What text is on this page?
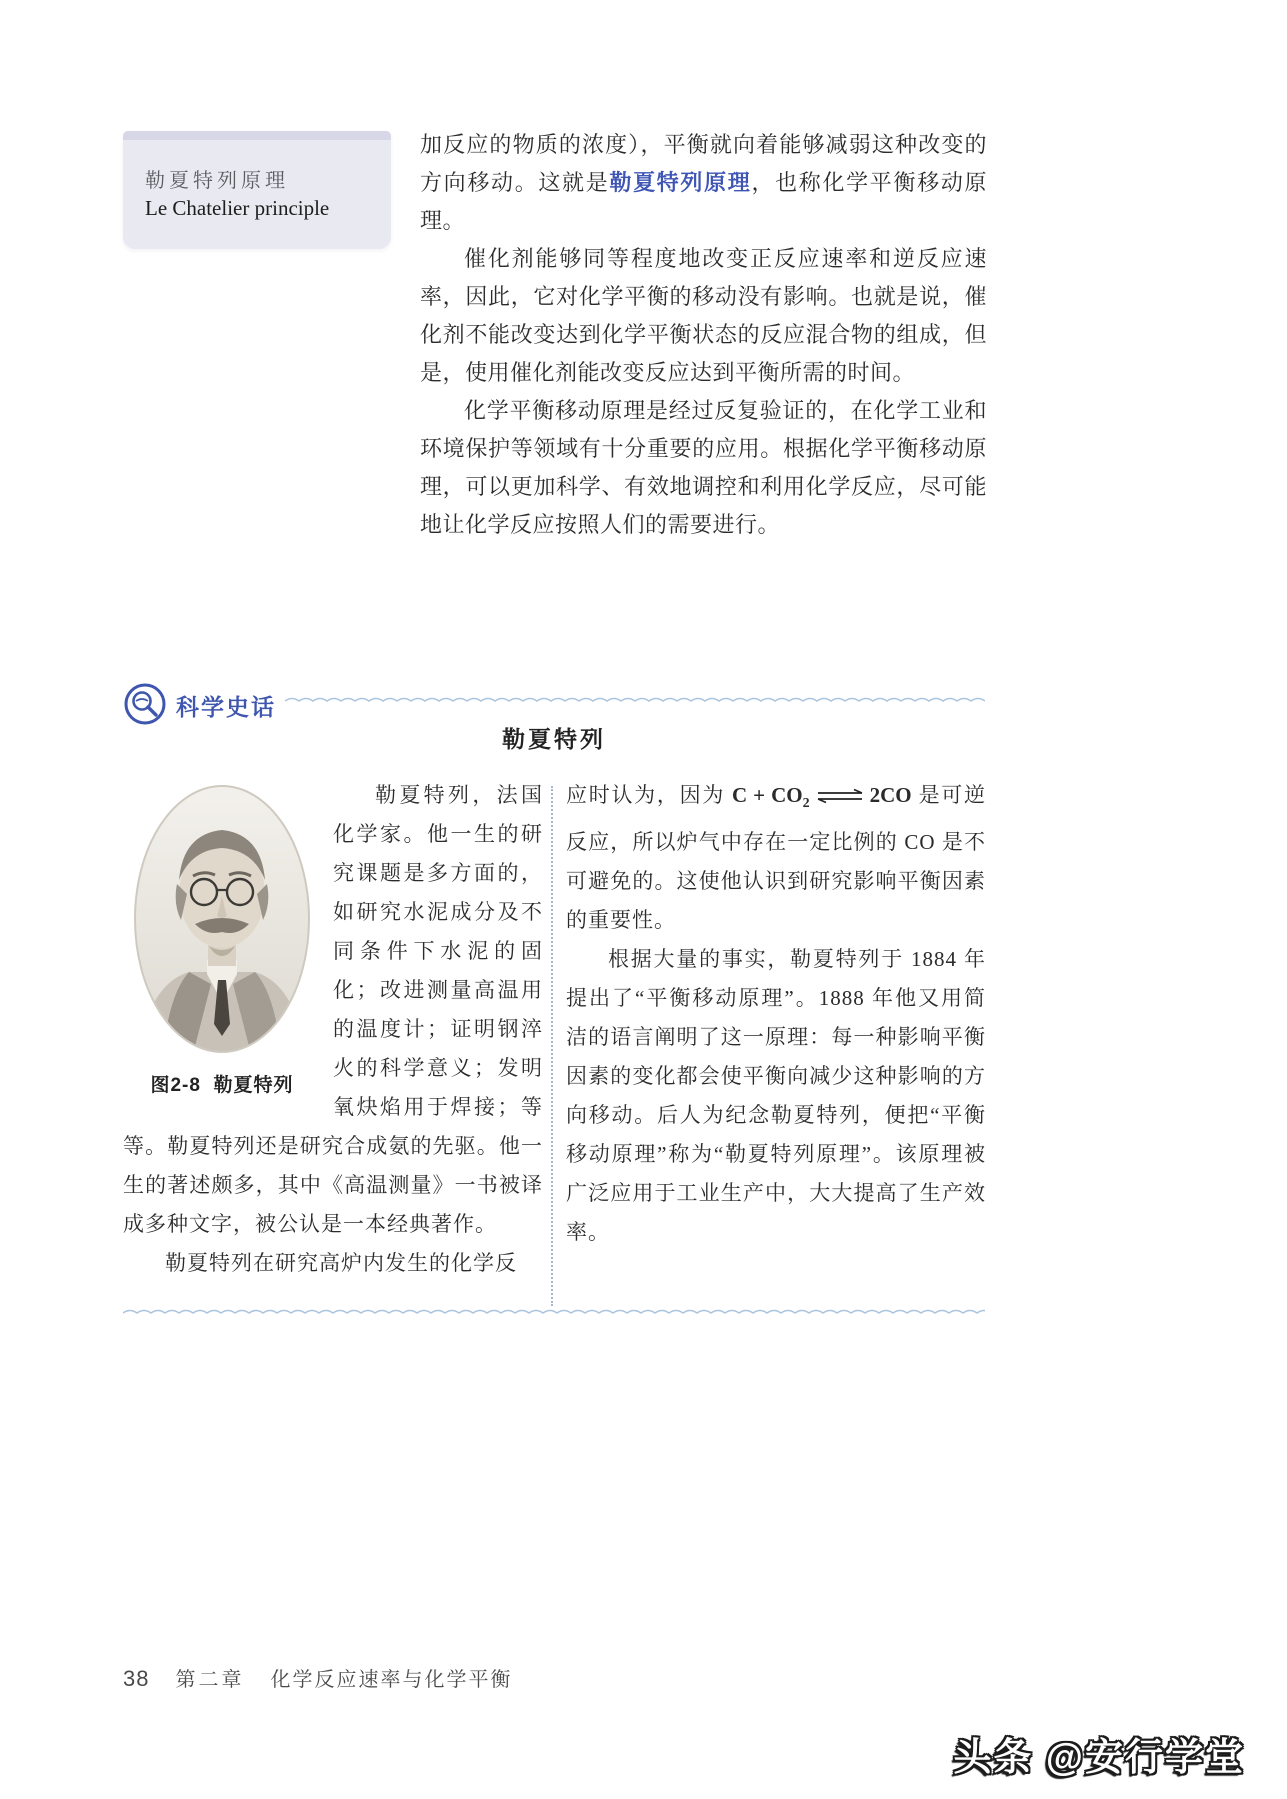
勒夏特列原理
Le Chatelier principle

加反应的物质的浓度），平衡就向着能够减弱这种改变的方向移动。这就是勒夏特列原理，也称化学平衡移动原理。

催化剂能够同等程度地改变正反应速率和逆反应速率，因此，它对化学平衡的移动没有影响。也就是说，催化剂不能改变达到化学平衡状态的反应混合物的组成，但是，使用催化剂能改变反应达到平衡所需的时间。

化学平衡移动原理是经过反复验证的，在化学工业和环境保护等领域有十分重要的应用。根据化学平衡移动原理，可以更加科学、有效地调控和利用化学反应，尽可能地让化学反应按照人们的需要进行。

科学史话
勒夏特列
图2-8 勒夏特列

勒夏特列，法国化学家。他一生的研究课题是多方面的，如研究水泥成分及不同条件下水泥的固化；改进测量高温用的温度计；证明钢淬火的科学意义；发明氧炔焰用于焊接；等等。勒夏特列还是研究合成氨的先驱。他一生的著述颇多，其中《高温测量》一书被译成多种文字，被公认是一本经典著作。

勒夏特列在研究高炉内发生的化学反

应时认为，因为 $C + CO_2$ ⇌ 2CO 是可逆反应，所以炉气中存在一定比例的 CO 是不可避免的。这使他认识到研究影响平衡因素的重要性。

根据大量的事实，勒夏特列于 1884 年提出了“平衡移动原理”。1888 年他又用简洁的语言阐明了这一原理：每一种影响平衡因素的变化都会使平衡向减少这种影响的方向移动。后人为纪念勒夏特列，便把“平衡移动原理”称为“勒夏特列原理”。该原理被广泛应用于工业生产中，大大提高了生产效率。

38 第二章 化学反应速率与化学平衡
头条 @安行学堂
